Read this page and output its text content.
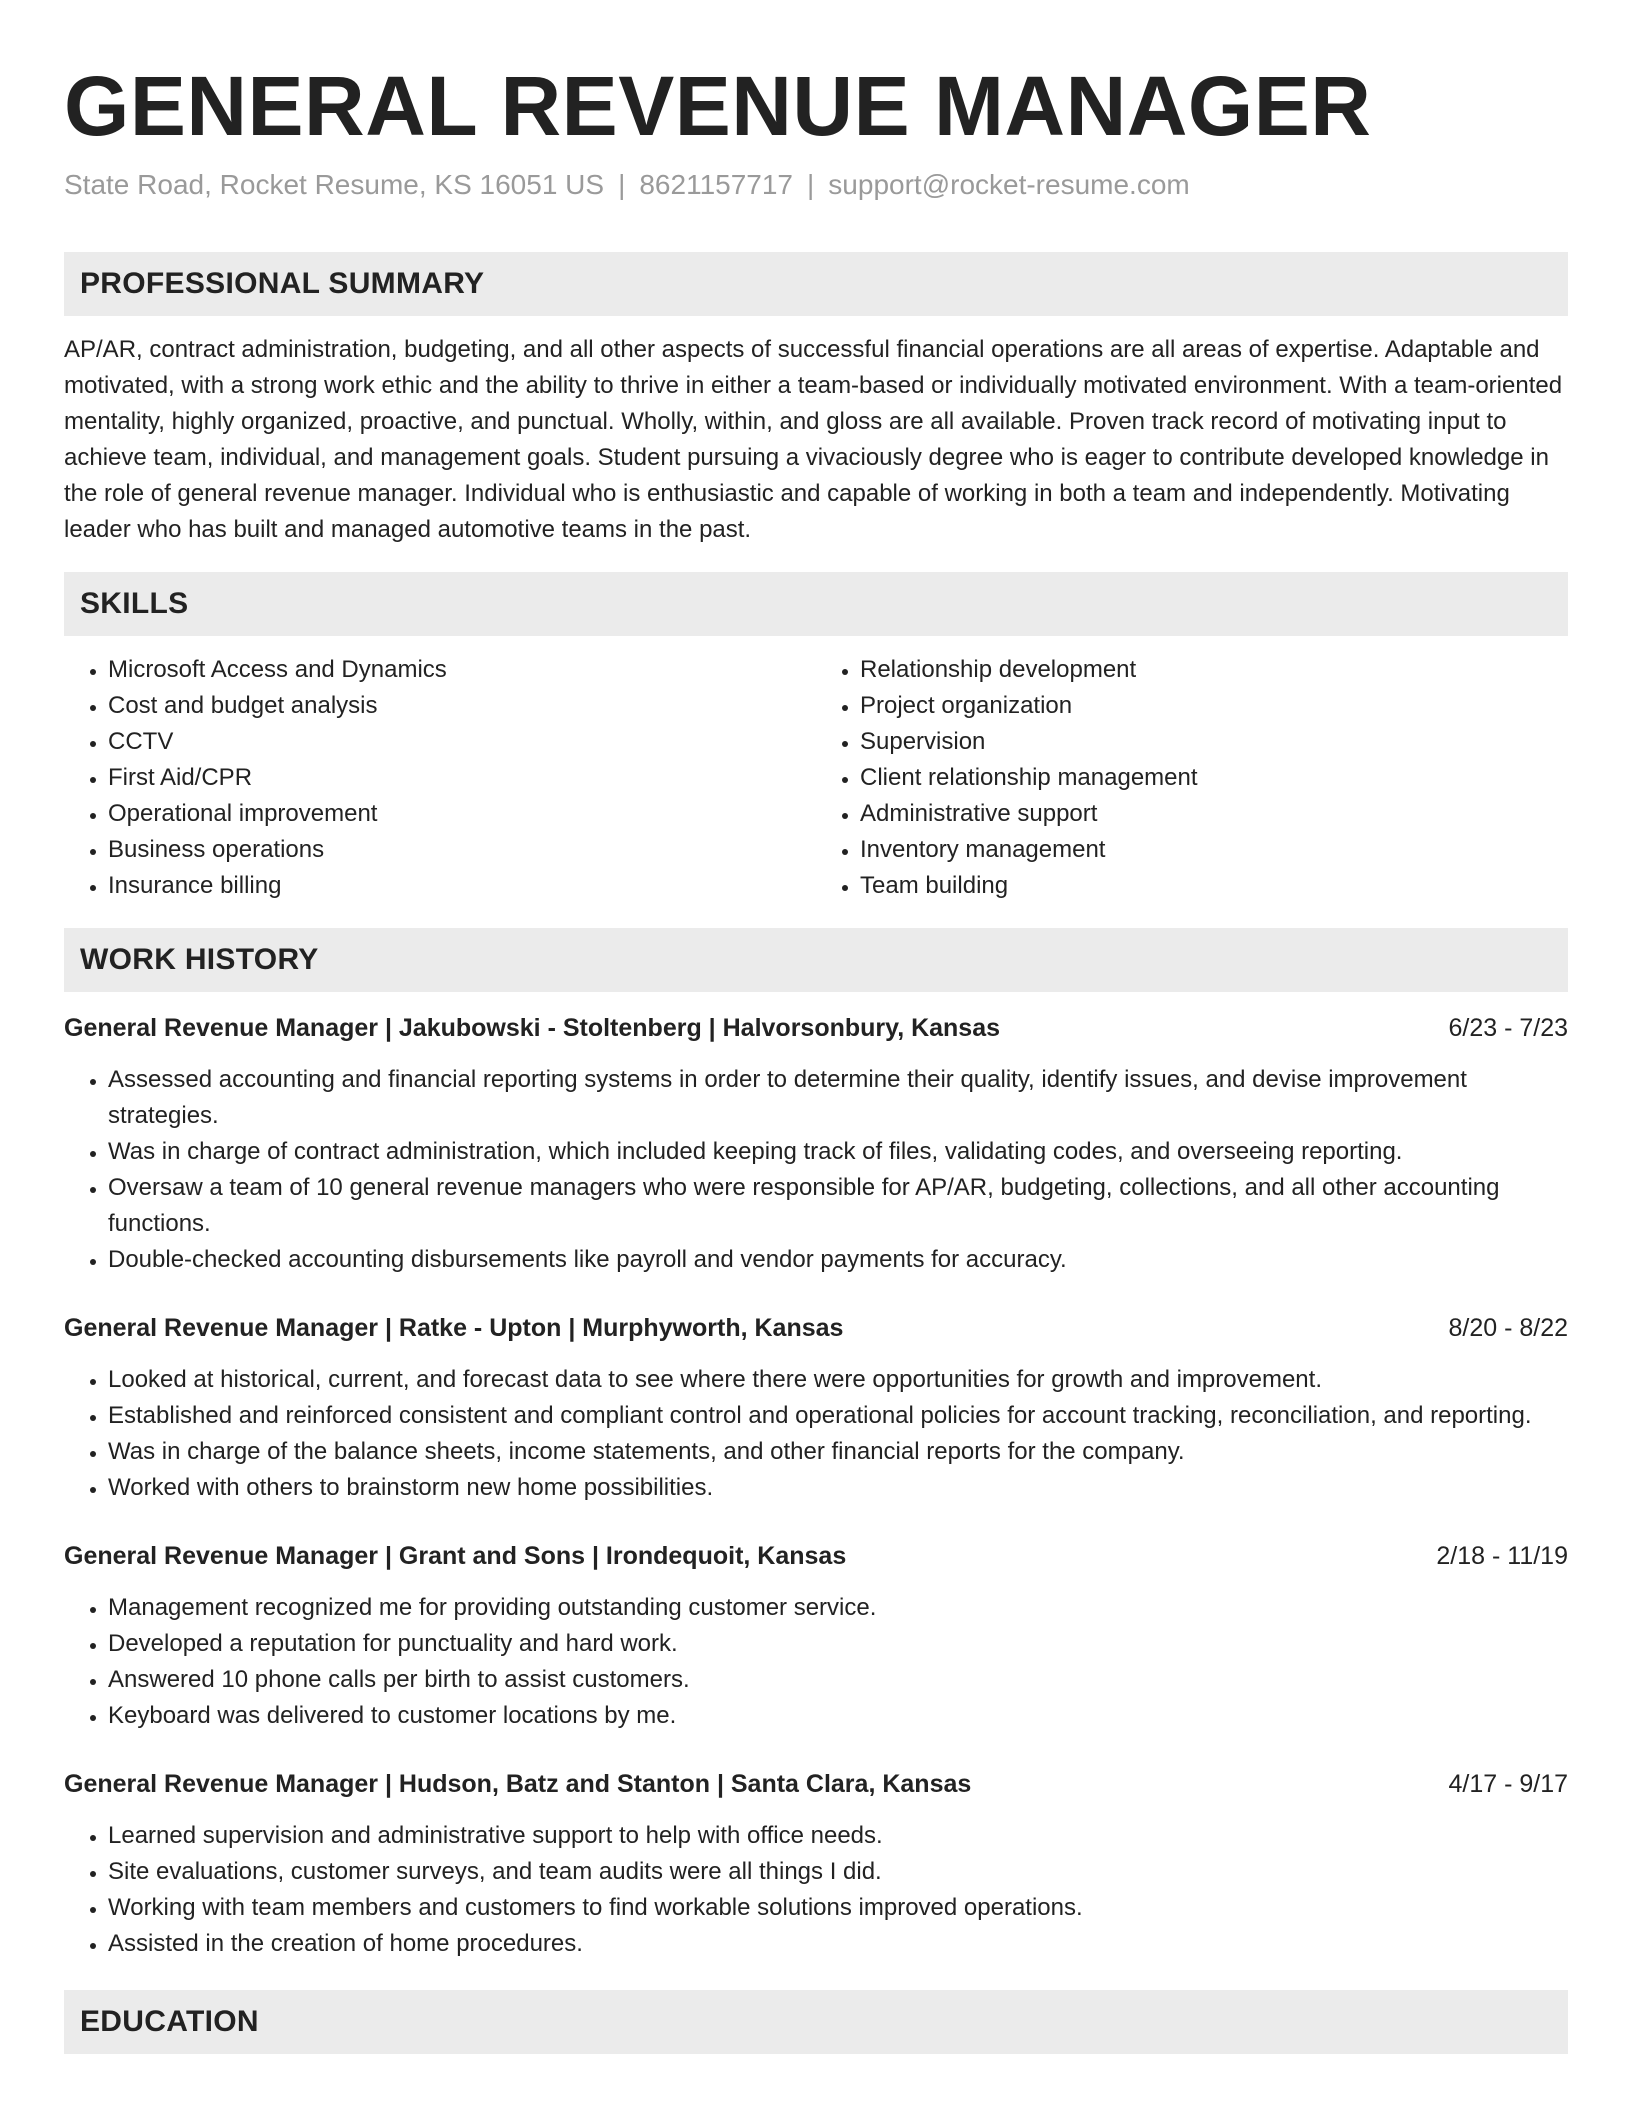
GENERAL REVENUE MANAGER
State Road, Rocket Resume, KS 16051 US | 8621157717 | support@rocket-resume.com
PROFESSIONAL SUMMARY

AP/AR, contract administration, budgeting, and all other aspects of successful financial operations are all areas of expertise. Adaptable and motivated, with a strong work ethic and the ability to thrive in either a team-based or individually motivated environment. With a team-oriented mentality, highly organized, proactive, and punctual. Wholly, within, and gloss are all available. Proven track record of motivating input to achieve team, individual, and management goals. Student pursuing a vivaciously degree who is eager to contribute developed knowledge in the role of general revenue manager. Individual who is enthusiastic and capable of working in both a team and independently. Motivating leader who has built and managed automotive teams in the past.

SKILLS
• Microsoft Access and Dynamics
• Cost and budget analysis
• CCTV
• First Aid/CPR
• Operational improvement
• Business operations
• Insurance billing
• Relationship development
• Project organization
• Supervision
• Client relationship management
• Administrative support
• Inventory management
• Team building
WORK HISTORY
General Revenue Manager | Jakubowski - Stoltenberg | Halvorsonbury, Kansas	6/23 - 7/23
• Assessed accounting and financial reporting systems in order to determine their quality, identify issues, and devise improvement strategies.
• Was in charge of contract administration, which included keeping track of files, validating codes, and overseeing reporting.
• Oversaw a team of 10 general revenue managers who were responsible for AP/AR, budgeting, collections, and all other accounting functions.
• Double-checked accounting disbursements like payroll and vendor payments for accuracy.
General Revenue Manager | Ratke - Upton | Murphyworth, Kansas	8/20 - 8/22
• Looked at historical, current, and forecast data to see where there were opportunities for growth and improvement.
• Established and reinforced consistent and compliant control and operational policies for account tracking, reconciliation, and reporting.
• Was in charge of the balance sheets, income statements, and other financial reports for the company.
• Worked with others to brainstorm new home possibilities.
General Revenue Manager | Grant and Sons | Irondequoit, Kansas	2/18 - 11/19
• Management recognized me for providing outstanding customer service.
• Developed a reputation for punctuality and hard work.
• Answered 10 phone calls per birth to assist customers.
• Keyboard was delivered to customer locations by me.
General Revenue Manager | Hudson, Batz and Stanton | Santa Clara, Kansas	4/17 - 9/17
• Learned supervision and administrative support to help with office needs.
• Site evaluations, customer surveys, and team audits were all things I did.
• Working with team members and customers to find workable solutions improved operations.
• Assisted in the creation of home procedures.
EDUCATION
